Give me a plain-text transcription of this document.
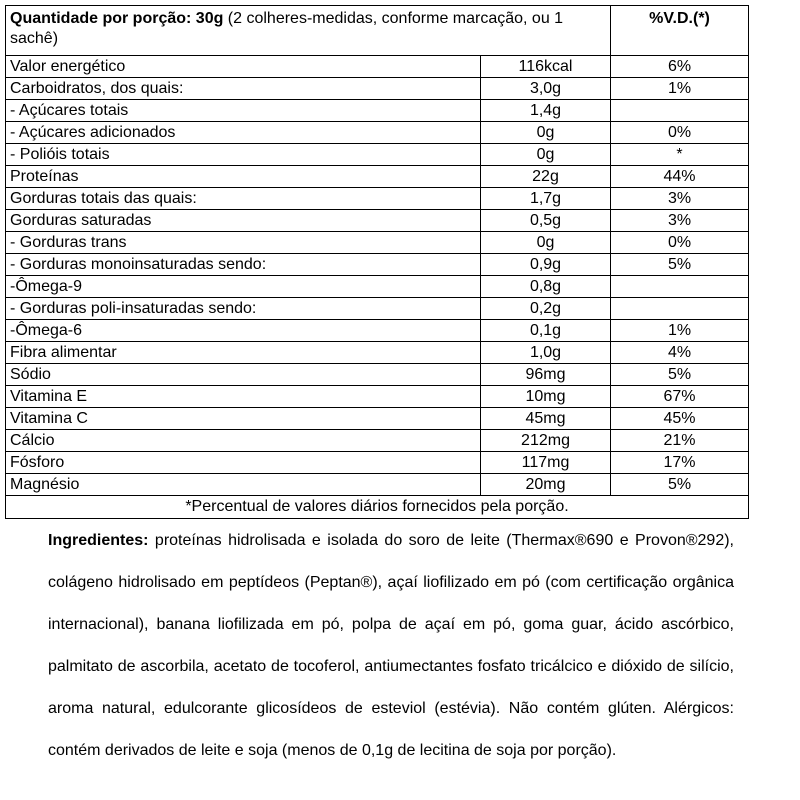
Quantidade por porção: 30g (2 colheres-medidas, conforme marcação, ou 1 sachê)		%V.D.(*)
Valor energético	116kcal	6%
Carboidratos, dos quais:	3,0g	1%
- Açúcares totais	1,4g	
- Açúcares adicionados	0g	0%
- Polióis totais	0g	*
Proteínas	22g	44%
Gorduras totais das quais:	1,7g	3%
Gorduras saturadas	0,5g	3%
- Gorduras trans	0g	0%
- Gorduras monoinsaturadas sendo:	0,9g	5%
-Ômega-9	0,8g	
- Gorduras poli-insaturadas sendo:	0,2g	
-Ômega-6	0,1g	1%
Fibra alimentar	1,0g	4%
Sódio	96mg	5%
Vitamina E	10mg	67%
Vitamina C	45mg	45%
Cálcio	212mg	21%
Fósforo	117mg	17%
Magnésio	20mg	5%
*Percentual de valores diários fornecidos pela porção.		
Ingredientes: proteínas hidrolisada e isolada do soro de leite (Thermax®690 e Provon®292), colágeno hidrolisado em peptídeos (Peptan®), açaí liofilizado em pó (com certificação orgânica internacional), banana liofilizada em pó, polpa de açaí em pó, goma guar, ácido ascórbico, palmitato de ascorbila, acetato de tocoferol, antiumectantes fosfato tricálcico e dióxido de silício, aroma natural, edulcorante glicosídeos de esteviol (estévia). Não contém glúten. Alérgicos: contém derivados de leite e soja (menos de 0,1g de lecitina de soja por porção).
